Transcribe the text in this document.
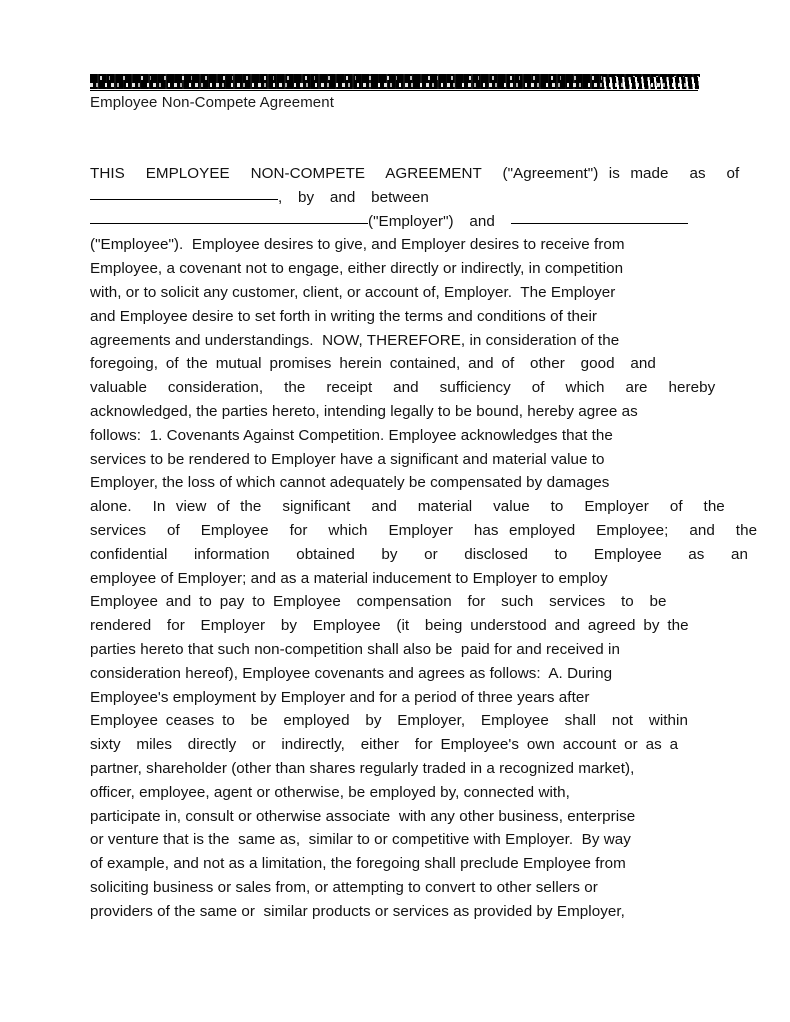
Employee Non-Compete Agreement
THIS  EMPLOYEE  NON-COMPETE  AGREEMENT  ("Agreement") is made  as  of
,  by  and  between
("Employer")  and
("Employee").  Employee desires to give, and Employer desires to receive from
Employee, a covenant not to engage, either directly or indirectly, in competition
with, or to solicit any customer, client, or account of, Employer.  The Employer
and Employee desire to set forth in writing the terms and conditions of their
agreements and understandings.  NOW, THEREFORE, in consideration of the
foregoing, of the mutual promises herein contained, and of  other  good  and
valuable  consideration,  the  receipt  and  sufficiency  of  which  are  hereby
acknowledged, the parties hereto, intending legally to be bound, hereby agree as
follows:  1. Covenants Against Competition. Employee acknowledges that the
services to be rendered to Employer have a significant and material value to
Employer, the loss of which cannot adequately be compensated by damages
alone.  In view of the  significant  and  material  value  to  Employer  of  the
services  of  Employee  for  which  Employer  has employed  Employee;  and  the
confidential  information  obtained  by  or  disclosed  to  Employee  as  an
employee of Employer; and as a material inducement to Employer to employ
Employee and to pay to Employee  compensation  for  such  services  to  be
rendered  for  Employer  by  Employee  (it  being understood and agreed by the
parties hereto that such non-competition shall also be  paid for and received in
consideration hereof), Employee covenants and agrees as follows:  A. During
Employee's employment by Employer and for a period of three years after
Employee ceases to  be  employed  by  Employer,  Employee  shall  not  within
sixty  miles  directly  or  indirectly,  either  for Employee's own account or as a
partner, shareholder (other than shares regularly traded in a recognized market),
officer, employee, agent or otherwise, be employed by, connected with,
participate in, consult or otherwise associate  with any other business, enterprise
or venture that is the  same as,  similar to or competitive with Employer.  By way
of example, and not as a limitation, the foregoing shall preclude Employee from
soliciting business or sales from, or attempting to convert to other sellers or
providers of the same or  similar products or services as provided by Employer,
